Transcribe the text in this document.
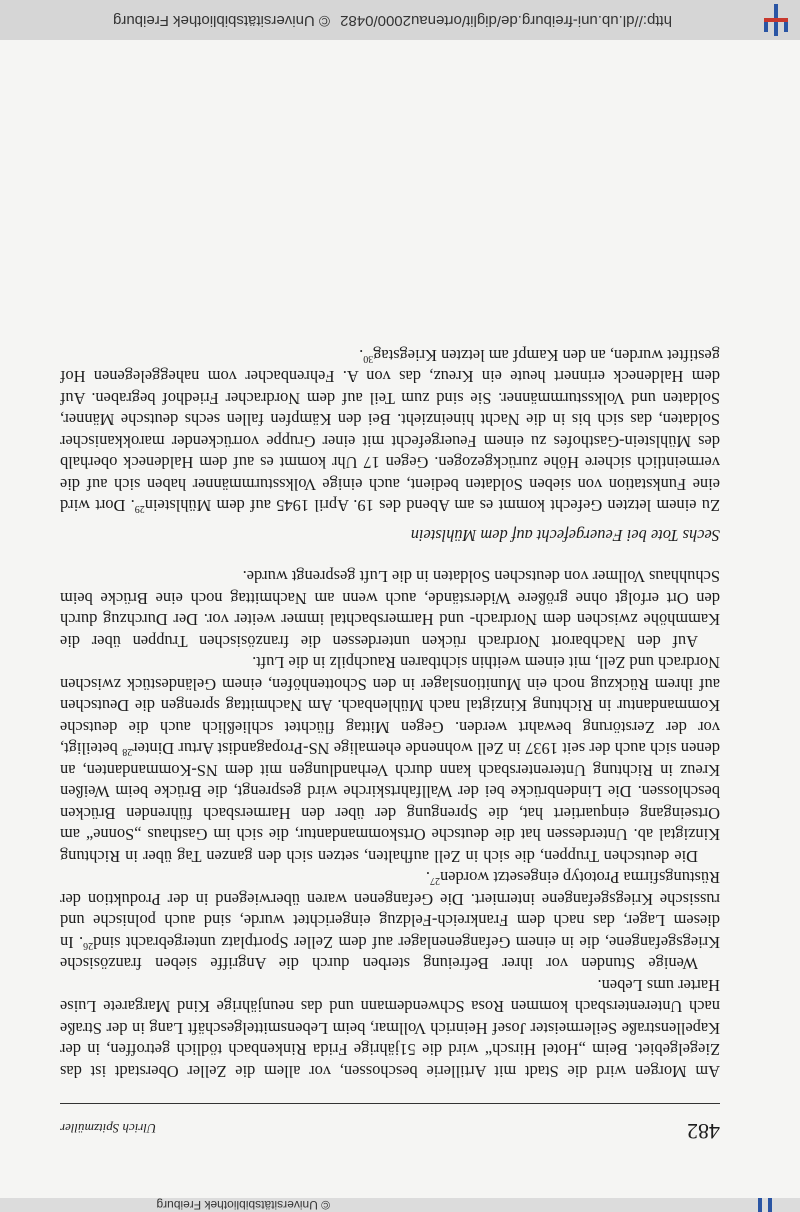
© Universitätsbibliothek Freiburg
482
Ulrich Spitzmüller

Am Morgen wird die Stadt mit Artillerie beschossen, vor allem die Zeller Oberstadt ist das Ziegelgebiet. Beim „Hotel Hirsch“ wird die 51jährige Frida Rinkenbach tödlich getroffen, in der Kapellenstraße Seilermeister Josef Heinrich Vollmar, beim Lebensmittelgeschäft Lang in der Straße nach Unterentersbach kommen Rosa Schwendemann und das neunjährige Kind Margarete Luise Harter ums Leben.

Wenige Stunden vor ihrer Befreiung sterben durch die Angriffe sieben französische Kriegsgefangene, die in einem Gefangenenlager auf dem Zeller Sportplatz untergebracht sind$^{26}$. In diesem Lager, das nach dem Frankreich-Feldzug eingerichtet wurde, sind auch polnische und russische Kriegsgefangene interniert. Die Gefangenen waren überwiegend in der Produktion der Rüstungsfirma Prototyp eingesetzt worden$^{27}$.

Die deutschen Truppen, die sich in Zell aufhalten, setzen sich den ganzen Tag über in Richtung Kinzigtal ab. Unterdessen hat die deutsche Ortskommandantur, die sich im Gasthaus „Sonne“ am Ortseingang einquartiert hat, die Sprengung der über den Harmersbach führenden Brücken beschlossen. Die Lindenbrücke bei der Wallfahrtskirche wird gesprengt, die Brücke beim Weißen Kreuz in Richtung Unterentersbach kann durch Verhandlungen mit dem NS-Kommandanten, an denen sich auch der seit 1937 in Zell wohnende ehemalige NS-Propagandist Artur Dinter$^{28}$ beteiligt, vor der Zerstörung bewahrt werden. Gegen Mittag flüchtet schließlich auch die deutsche Kommandantur in Richtung Kinzigtal nach Mühlenbach. Am Nachmittag sprengen die Deutschen auf ihrem Rückzug noch ein Munitionslager in den Schottenhöfen, einem Geländestück zwischen Nordrach und Zell, mit einem weithin sichtbaren Rauchpilz in die Luft.

Auf den Nachbarort Nordrach rücken unterdessen die französischen Truppen über die Kammhöhe zwischen dem Nordrach- und Harmersbachtal immer weiter vor. Der Durchzug durch den Ort erfolgt ohne größere Widerstände, auch wenn am Nachmittag noch eine Brücke beim Schuhhaus Vollmer von deutschen Soldaten in die Luft gesprengt wurde.

Sechs Tote bei Feuergefecht auf dem Mühlstein

Zu einem letzten Gefecht kommt es am Abend des 19. April 1945 auf dem Mühlstein$^{29}$. Dort wird eine Funkstation von sieben Soldaten bedient, auch einige Volkssturmmänner haben sich auf die vermeintlich sichere Höhe zurückgezogen. Gegen 17 Uhr kommt es auf dem Haldeneck oberhalb des Mühlstein-Gasthofes zu einem Feuergefecht mit einer Gruppe vorrückender marokkanischer Soldaten, das sich bis in die Nacht hineinzieht. Bei den Kämpfen fallen sechs deutsche Männer, Soldaten und Volkssturmmänner. Sie sind zum Teil auf dem Nordracher Friedhof begraben. Auf dem Haldeneck erinnert heute ein Kreuz, das von A. Fehrenbacher vom naheggelegenen Hof gestiftet wurden, an den Kampf am letzten Kriegstag$^{30}$.

http://dl.ub.uni-freiburg.de/diglit/ortenau2000/0482
© Universitätsbibliothek Freiburg
